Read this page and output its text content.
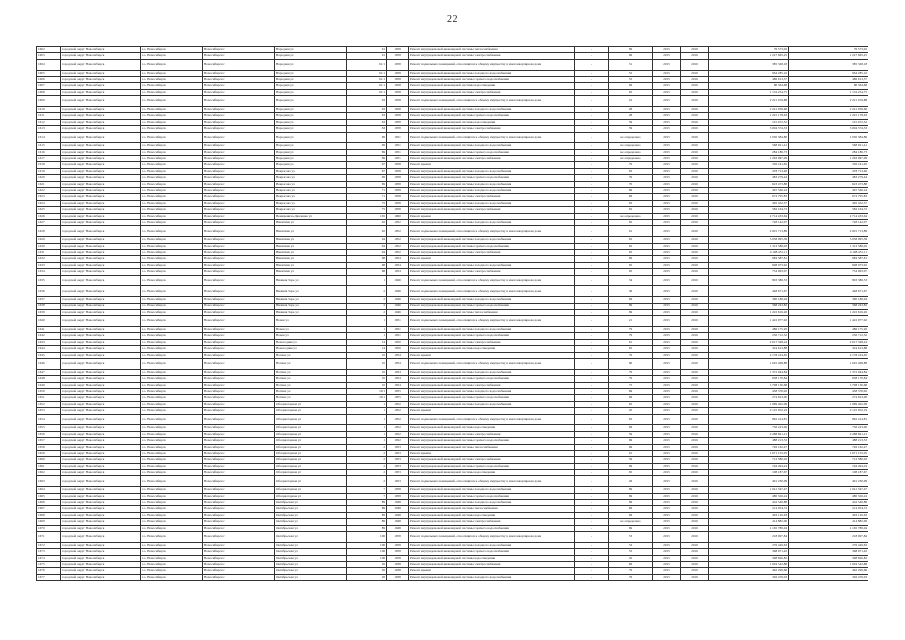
22
1602	городской округ Новосибирск	г.о. Новосибирск	Новосибирск г	Народная ул	61	1958	Ремонт внутридомовой инженерной системы теплоснабжения	-	69	2015	2016	76 573,02	76 573,02
1603	городской округ Новосибирск	г.о. Новосибирск	Новосибирск г	Народная ул	61	1958	Ремонт внутридомовой инженерной системы электроснабжения	-	69	2015	2016	1 227 665,25	1 227 665,25
1604	городской округ Новосибирск	г.о. Новосибирск	Новосибирск г	Народная ул	61/1	1958	Ремонт подвальных помещений, относящихся к общему имуществу в многоквартирном доме	-	31	2015	2016	385 328,18	385 328,18
1605	городской округ Новосибирск	г.о. Новосибирск	Новосибирск г	Народная ул	61/1	1958	Ремонт внутридомовой инженерной системы холодного водоснабжения	-	55	2015	2016	964 285,16	964 285,16
1606	городской округ Новосибирск	г.о. Новосибирск	Новосибирск г	Народная ул	61/1	1958	Ремонт внутридомовой инженерной системы горячего водоснабжения	-	55	2015	2016	486 613,57	486 613,57
1607	городской округ Новосибирск	г.о. Новосибирск	Новосибирск г	Народная ул	61/1	1958	Ремонт внутридомовой инженерной системы водоотведения	-	69	2015	2016	86 364,68	86 364,68
1608	городской округ Новосибирск	г.о. Новосибирск	Новосибирск г	Народная ул	61/1	1958	Ремонт внутридомовой инженерной системы электроснабжения	-	65	2015	2016	1 134 254,75	1 134 254,75
1609	городской округ Новосибирск	г.о. Новосибирск	Новосибирск г	Народная ул	63	1958	Ремонт подвальных помещений, относящихся к общему имуществу в многоквартирном доме	-	22	2015	2016	2 221 019,88	2 221 019,88
1610	городской округ Новосибирск	г.о. Новосибирск	Новосибирск г	Народная ул	63	1958	Ремонт внутридомовой инженерной системы холодного водоснабжения	-	28	2015	2016	2 241 939,66	2 241 939,66
1611	городской округ Новосибирск	г.о. Новосибирск	Новосибирск г	Народная ул	63	1958	Ремонт внутридомовой инженерной системы горячего водоснабжения	-	28	2015	2016	1 291 178,63	1 291 178,63
1612	городской округ Новосибирск	г.о. Новосибирск	Новосибирск г	Народная ул	63	1958	Ремонт внутридомовой инженерной системы водоотведения	-	59	2015	2016	101 672,52	101 672,52
1613	городской округ Новосибирск	г.о. Новосибирск	Новосибирск г	Народная ул	63	1958	Ремонт внутридомовой инженерной системы электроснабжения	-	59	2015	2016	3 094 574,33	3 094 574,33
1614	городской округ Новосибирск	г.о. Новосибирск	Новосибирск г	Народная ул	69	1951	Ремонт подвальных помещений, относящихся к общему имуществу в многоквартирном доме	-	не определено	2015	2016	1 050 384,86	1 050 384,86
1615	городской округ Новосибирск	г.о. Новосибирск	Новосибирск г	Народная ул	69	1951	Ремонт внутридомовой инженерной системы холодного водоснабжения	-	не определено	2015	2016	568 021,41	568 021,41
1616	городской округ Новосибирск	г.о. Новосибирск	Новосибирск г	Народная ул	69	1951	Ремонт внутридомовой инженерной системы горячего водоснабжения	-	не определено	2015	2016	284 186,73	284 186,73
1617	городской округ Новосибирск	г.о. Новосибирск	Новосибирск г	Народная ул	69	1951	Ремонт внутридомовой инженерной системы электроснабжения	-	не определено	2015	2016	1 263 967,09	1 263 967,09
1618	городской округ Новосибирск	г.о. Новосибирск	Новосибирск г	Народная ул	67	1958	Ремонт крыши	-	79	2015	2016	356 161,65	356 161,65
1619	городской округ Новосибирск	г.о. Новосибирск	Новосибирск г	Некрасова ул	67	1958	Ремонт внутридомовой инженерной системы холодного водоснабжения	-	65	2015	2016	478 713,46	478 713,46
1620	городской округ Новосибирск	г.о. Новосибирск	Новосибирск г	Некрасова ул	69	1958	Ремонт внутридомовой инженерной системы горячего водоснабжения	-	79	2015	2016	483 279,44	483 279,44
1621	городской округ Новосибирск	г.о. Новосибирск	Новосибирск г	Некрасова ул	69	1958	Ремонт внутридомовой инженерной системы холодного водоснабжения	-	70	2015	2016	623 473,88	623 473,88
1622	городской округ Новосибирск	г.о. Новосибирск	Новосибирск г	Некрасова ул	71	1958	Ремонт внутридомовой инженерной системы холодного водоснабжения	-	69	2015	2016	467 546,24	467 546,24
1623	городской округ Новосибирск	г.о. Новосибирск	Новосибирск г	Некрасова ул	71	1958	Ремонт внутридомовой инженерной системы электроснабжения	-	69	2015	2016	673 795,83	673 795,83
1624	городской округ Новосибирск	г.о. Новосибирск	Новосибирск г	Некрасова ул	75	1958	Ремонт внутридомовой инженерной системы холодного водоснабжения	-	65	2015	2016	465 432,57	465 432,57
1625	городской округ Новосибирск	г.о. Новосибирск	Новосибирск г	Некрасова ул	75	1958	Ремонт внутридомовой инженерной системы электроснабжения	-	65	2015	2016	582 164,72	582 164,72
1626	городской округ Новосибирск	г.о. Новосибирск	Новосибирск г	Немировича-Данченко ул	165	1960	Ремонт крыши	-	не определено	2015	2016	2 714 433,64	2 714 433,64
1627	городской округ Новосибирск	г.о. Новосибирск	Новосибирск г	Никитина ул	62	1952	Ремонт внутридомовой инженерной системы холодного водоснабжения	-	65	2015	2016	728 142,07	728 142,07
1628	городской округ Новосибирск	г.о. Новосибирск	Новосибирск г	Никитина ул	62	1952	Ремонт подвальных помещений, относящихся к общему имуществу в многоквартирном доме	-	61	2015	2016	2 901 713,89	2 901 713,89
1629	городской округ Новосибирск	г.о. Новосибирск	Новосибирск г	Никитина ул	64	1952	Ремонт внутридомовой инженерной системы холодного водоснабжения	-	65	2015	2016	3 058 995,39	3 058 995,39
1630	городской округ Новосибирск	г.о. Новосибирск	Новосибирск г	Никитина ул	64	1952	Ремонт внутридомовой инженерной системы горячего водоснабжения	-	65	2015	2016	1 312 586,02	1 312 586,02
1631	городской округ Новосибирск	г.о. Новосибирск	Новосибирск г	Никитина ул	64	1952	Ремонт внутридомовой инженерной системы электроснабжения	-	65	2015	2016	4 108 451,11	4 108 451,11
1632	городской округ Новосибирск	г.о. Новосибирск	Новосибирск г	Никитина ул	68	1954	Ремонт крыши	-	69	2015	2016	984 587,81	984 587,81
1633	городской округ Новосибирск	г.о. Новосибирск	Новосибирск г	Никитина ул	68	1954	Ремонт внутридомовой инженерной системы холодного водоснабжения	-	65	2015	2016	608 073,92	608 073,92
1634	городской округ Новосибирск	г.о. Новосибирск	Новосибирск г	Никитина ул	68	1954	Ремонт внутридомовой инженерной системы электроснабжения	-	65	2015	2016	754 093,07	754 093,07
1635	городской округ Новосибирск	г.о. Новосибирск	Новосибирск г	Нижняя Зорь ул	1	1946	Ремонт подвальных помещений, относящихся к общему имуществу в многоквартирном доме	-	34	2015	2016	803 386,53	803 386,53
1636	городской округ Новосибирск	г.о. Новосибирск	Новосибирск г	Нижняя Зорь ул	2	1946	Ремонт подвальных помещений, относящихся к общему имуществу в многоквартирном доме	-	36	2015	2016	448 671,67	448 671,67
1637	городской округ Новосибирск	г.о. Новосибирск	Новосибирск г	Нижняя Зорь ул	2	1946	Ремонт внутридомовой инженерной системы холодного водоснабжения	-	69	2015	2016	360 186,94	360 186,94
1638	городской округ Новосибирск	г.о. Новосибирск	Новосибирск г	Нижняя Зорь ул	2	1946	Ремонт внутридомовой инженерной системы горячего водоснабжения	-	69	2015	2016	368 243,82	368 243,82
1639	городской округ Новосибирск	г.о. Новосибирск	Новосибирск г	Нижняя Зорь ул	2	1946	Ремонт внутридомовой инженерной системы теплоснабжения	-	69	2015	2016	1 222 616,26	1 222 616,26
1640	городской округ Новосибирск	г.о. Новосибирск	Новосибирск г	Новая ул	1	1951	Ремонт подвальных помещений, относящихся к общему имуществу в многоквартирном доме	-	21	2015	2016	1 422 977,92	1 422 977,92
1641	городской округ Новосибирск	г.о. Новосибирск	Новосибирск г	Новая ул	1	1951	Ремонт внутридомовой инженерной системы холодного водоснабжения	-	79	2015	2016	486 175,26	486 175,26
1642	городской округ Новосибирск	г.о. Новосибирск	Новосибирск г	Новая ул	1	1951	Ремонт внутридомовой инженерной системы горячего водоснабжения	-	79	2015	2016	256 712,32	256 712,32
1643	городской округ Новосибирск	г.о. Новосибирск	Новосибирск г	Новогодняя ул	14	1950	Ремонт внутридомовой инженерной системы электроснабжения	-	61	2015	2016	2 617 348,24	2 617 348,24
1644	городской округ Новосибирск	г.о. Новосибирск	Новосибирск г	Новогодняя ул	14	1950	Ремонт внутридомовой инженерной системы водоотведения	-	65	2015	2016	324 613,88	324 613,88
1645	городской округ Новосибирск	г.о. Новосибирск	Новосибирск г	Ногина ул	10	1954	Ремонт крыши	-	79	2015	2016	2 178 224,65	2 178 224,65
1646	городской округ Новосибирск	г.о. Новосибирск	Новосибирск г	Ногина ул	10	1954	Ремонт подвальных помещений, относящихся к общему имуществу в многоквартирном доме	-	60	2015	2016	1 045 408,88	1 045 408,88
1647	городской округ Новосибирск	г.о. Новосибирск	Новосибирск г	Ногина ул	10	1954	Ремонт внутридомовой инженерной системы холодного водоснабжения	-	79	2015	2016	1 372 944,84	1 372 944,84
1648	городской округ Новосибирск	г.о. Новосибирск	Новосибирск г	Ногина ул	10	1954	Ремонт внутридомовой инженерной системы горячего водоснабжения	-	79	2015	2016	638 170,84	638 170,84
1649	городской округ Новосибирск	г.о. Новосибирск	Новосибирск г	Ногина ул	10	1954	Ремонт внутридомовой инженерной системы электроснабжения	-	75	2015	2016	1 708 136,68	1 708 136,68
1650	городской округ Новосибирск	г.о. Новосибирск	Новосибирск г	Ногина ул	10/1	1955	Ремонт внутридомовой инженерной системы холодного водоснабжения	-	69	2015	2016	458 376,02	458 376,02
1651	городской округ Новосибирск	г.о. Новосибирск	Новосибирск г	Ногина ул	10/1	1955	Ремонт внутридомовой инженерной системы горячего водоснабжения	-	69	2015	2016	274 623,00	274 623,00
1652	городской округ Новосибирск	г.о. Новосибирск	Новосибирск г	Обсерваторная ул	1	1952	Ремонт внутридомовой инженерной системы холодного водоснабжения	-	65	2015	2016	1 089 402,09	1 089 402,09
1653	городской округ Новосибирск	г.о. Новосибирск	Новосибирск г	Обсерваторная ул	1	1952	Ремонт крыши	-	45	2015	2016	2 125 952,19	2 125 952,19
1654	городской округ Новосибирск	г.о. Новосибирск	Новосибирск г	Обсерваторная ул	1	1952	Ремонт подвальных помещений, относящихся к общему имуществу в многоквартирном доме	-	65	2015	2016	862 414,81	862 414,81
1655	городской округ Новосибирск	г.о. Новосибирск	Новосибирск г	Обсерваторная ул	1	1952	Ремонт внутридомовой инженерной системы водоотведения	-	69	2015	2016	756 223,00	756 223,00
1656	городской округ Новосибирск	г.о. Новосибирск	Новосибирск г	Обсерваторная ул	1	1952	Ремонт внутридомовой инженерной системы электроснабжения	-	59	2015	2016	2 288 841,21	2 288 841,21
1657	городской округ Новосибирск	г.о. Новосибирск	Новосибирск г	Обсерваторная ул	1	1952	Ремонт внутридомовой инженерной системы горячего водоснабжения	-	69	2015	2016	488 213,53	488 213,53
1658	городской округ Новосибирск	г.о. Новосибирск	Новосибирск г	Обсерваторная ул	2	1953	Ремонт внутридомовой инженерной системы теплоснабжения	-	69	2015	2016	726 162,47	726 162,47
1659	городской округ Новосибирск	г.о. Новосибирск	Новосибирск г	Обсерваторная ул	2	1953	Ремонт крыши	-	61	2015	2016	1 671 155,05	1 671 155,05
1660	городской округ Новосибирск	г.о. Новосибирск	Новосибирск г	Обсерваторная ул	2	1953	Ремонт внутридомовой инженерной системы электроснабжения	-	59	2015	2016	712 580,02	712 580,02
1661	городской округ Новосибирск	г.о. Новосибирск	Новосибирск г	Обсерваторная ул	2	1953	Ремонт внутридомовой инженерной системы горячего водоснабжения	-	69	2015	2016	164 494,24	164 494,24
1662	городской округ Новосибирск	г.о. Новосибирск	Новосибирск г	Обсерваторная ул	2	1953	Ремонт внутридомовой инженерной системы водоотведения	-	65	2015	2016	198 187,67	198 187,67
1663	городской округ Новосибирск	г.о. Новосибирск	Новосибирск г	Обсерваторная ул	2	1953	Ремонт подвальных помещений, относящихся к общему имуществу в многоквартирном доме	-	26	2015	2016	491 230,09	491 230,09
1664	городской округ Новосибирск	г.о. Новосибирск	Новосибирск г	Обсерваторная ул	7	1958	Ремонт внутридомовой инженерной системы холодного водоснабжения	-	69	2015	2016	1 041 347,47	1 041 347,47
1665	городской округ Новосибирск	г.о. Новосибирск	Новосибирск г	Обсерваторная ул	7	1958	Ремонт внутридомовой инженерной системы горячего водоснабжения	-	69	2015	2016	480 326,24	480 326,24
1666	городской округ Новосибирск	г.о. Новосибирск	Новосибирск г	Октябрьская ул	89	1948	Ремонт внутридомовой инженерной системы холодного водоснабжения	-	69	2015	2016	416 540,88	416 540,88
1667	городской округ Новосибирск	г.о. Новосибирск	Новосибирск г	Октябрьская ул	89	1948	Ремонт внутридомовой инженерной системы теплоснабжения	-	69	2015	2016	214 954,72	214 954,72
1668	городской округ Новосибирск	г.о. Новосибирск	Новосибирск г	Октябрьская ул	89	1948	Ремонт внутридомовой инженерной системы водоотведения	-	69	2015	2016	493 120,63	493 120,63
1669	городской округ Новосибирск	г.о. Новосибирск	Новосибирск г	Октябрьская ул	89	1948	Ремонт внутридомовой инженерной системы электроснабжения	-	не определено	2015	2016	414 882,06	414 882,06
1670	городской округ Новосибирск	г.о. Новосибирск	Новосибирск г	Октябрьская ул	89	1948	Ремонт внутридомовой инженерной системы горячего водоснабжения	-	69	2015	2016	1 165 780,04	1 165 780,04
1671	городской округ Новосибирск	г.о. Новосибирск	Новосибирск г	Октябрьская ул	106	1958	Ремонт подвальных помещений, относящихся к общему имуществу в многоквартирном доме	-	53	2015	2016	218 007,84	218 007,84
1672	городской округ Новосибирск	г.о. Новосибирск	Новосибирск г	Октябрьская ул	106	1958	Ремонт внутридомовой инженерной системы холодного водоснабжения	-	53	2015	2016	276 426,63	276 426,63
1673	городской округ Новосибирск	г.о. Новосибирск	Новосибирск г	Октябрьская ул	106	1958	Ремонт внутридомовой инженерной системы горячего водоснабжения	-	55	2015	2016	368 971,42	368 971,42
1674	городской округ Новосибирск	г.о. Новосибирск	Новосибирск г	Октябрьская ул	106	1958	Ремонт внутридомовой инженерной системы водоотведения	-	45	2015	2016	398 820,82	398 820,82
1675	городской округ Новосибирск	г.о. Новосибирск	Новосибирск г	Октябрьская ул	26	1938	Ремонт внутридомовой инженерной системы электроснабжения	-	69	2015	2016	1 004 542,88	1 004 542,88
1676	городской округ Новосибирск	г.о. Новосибирск	Новосибирск г	Октябрьская ул	26	1938	Ремонт крыши	-	79	2015	2016	462 290,66	462 290,66
1677	городской округ Новосибирск	г.о. Новосибирск	Новосибирск г	Октябрьская ул	26	1938	Ремонт внутридомовой инженерной системы холодного водоснабжения	-	79	2015	2016	326 476,03	326 476,03
